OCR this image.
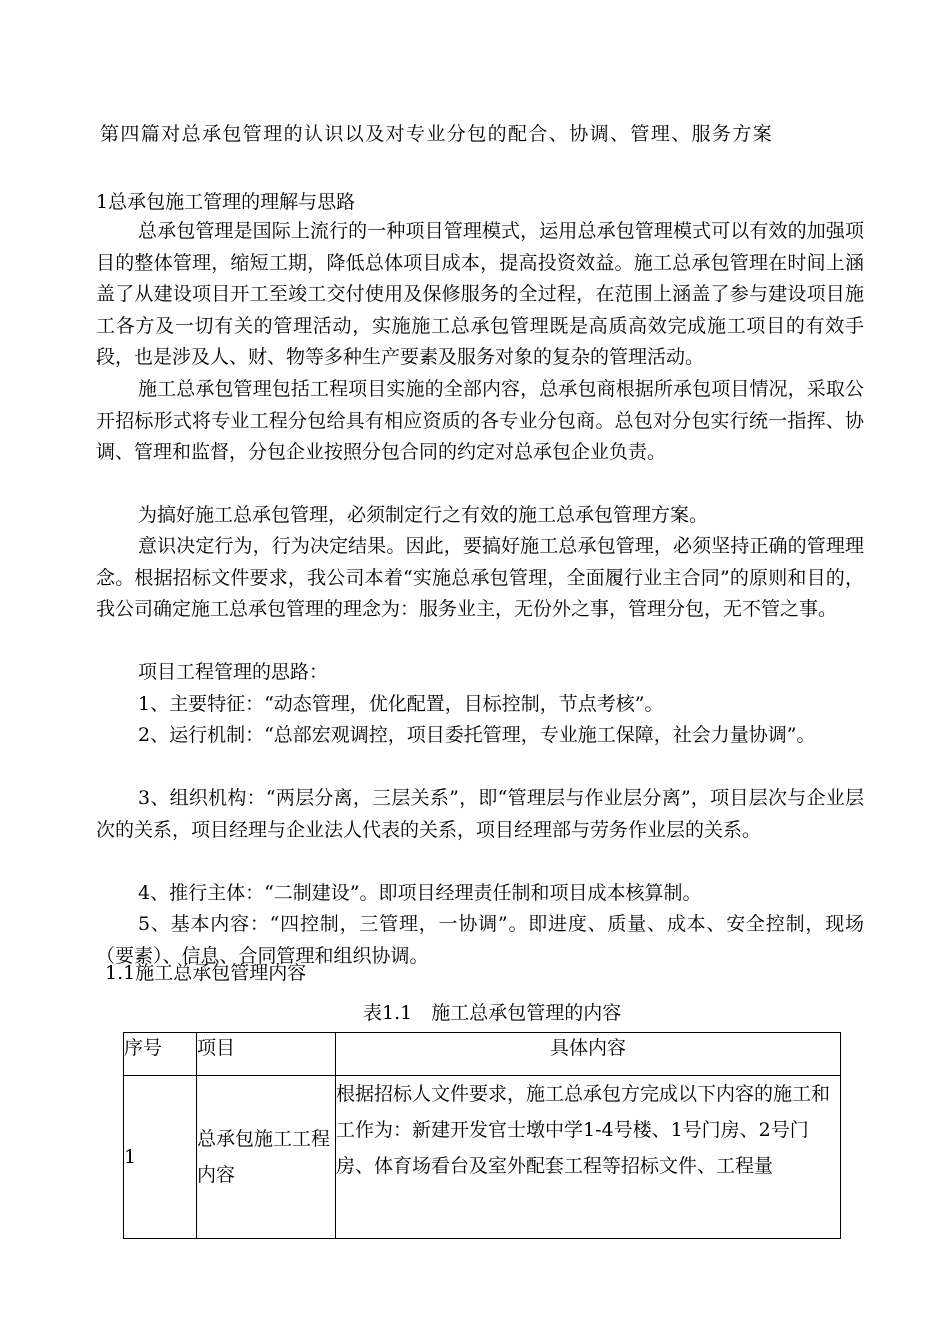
第四篇对总承包管理的认识以及对专业分包的配合、协调、管理、服务方案
1总承包施工管理的理解与思路
总承包管理是国际上流行的一种项目管理模式，运用总承包管理模式可以有效的加强项目的整体管理，缩短工期，降低总体项目成本，提高投资效益。施工总承包管理在时间上涵盖了从建设项目开工至竣工交付使用及保修服务的全过程，在范围上涵盖了参与建设项目施工各方及一切有关的管理活动，实施施工总承包管理既是高质高效完成施工项目的有效手段，也是涉及人、财、物等多种生产要素及服务对象的复杂的管理活动。
施工总承包管理包括工程项目实施的全部内容，总承包商根据所承包项目情况，采取公开招标形式将专业工程分包给具有相应资质的各专业分包商。总包对分包实行统一指挥、协调、管理和监督，分包企业按照分包合同的约定对总承包企业负责。
为搞好施工总承包管理，必须制定行之有效的施工总承包管理方案。
意识决定行为，行为决定结果。因此，要搞好施工总承包管理，必须坚持正确的管理理念。根据招标文件要求，我公司本着“实施总承包管理，全面履行业主合同”的原则和目的，我公司确定施工总承包管理的理念为：服务业主，无份外之事，管理分包，无不管之事。
项目工程管理的思路：
1、主要特征：“动态管理，优化配置，目标控制，节点考核”。
2、运行机制：“总部宏观调控，项目委托管理，专业施工保障，社会力量协调”。
3、组织机构：“两层分离，三层关系”，即“管理层与作业层分离”，项目层次与企业层次的关系，项目经理与企业法人代表的关系，项目经理部与劳务作业层的关系。
4、推行主体：“二制建设”。即项目经理责任制和项目成本核算制。
5、基本内容：“四控制，三管理，一协调”。即进度、质量、成本、安全控制，现场（要素）、信息、合同管理和组织协调。
1.1施工总承包管理内容
表1.1　施工总承包管理的内容
序号	项目	具体内容
1	总承包施工工程内容	根据招标人文件要求，施工总承包方完成以下内容的施工和工作为：新建开发官士墩中学1-4号楼、1号门房、2号门房、体育场看台及室外配套工程等招标文件、工程量
